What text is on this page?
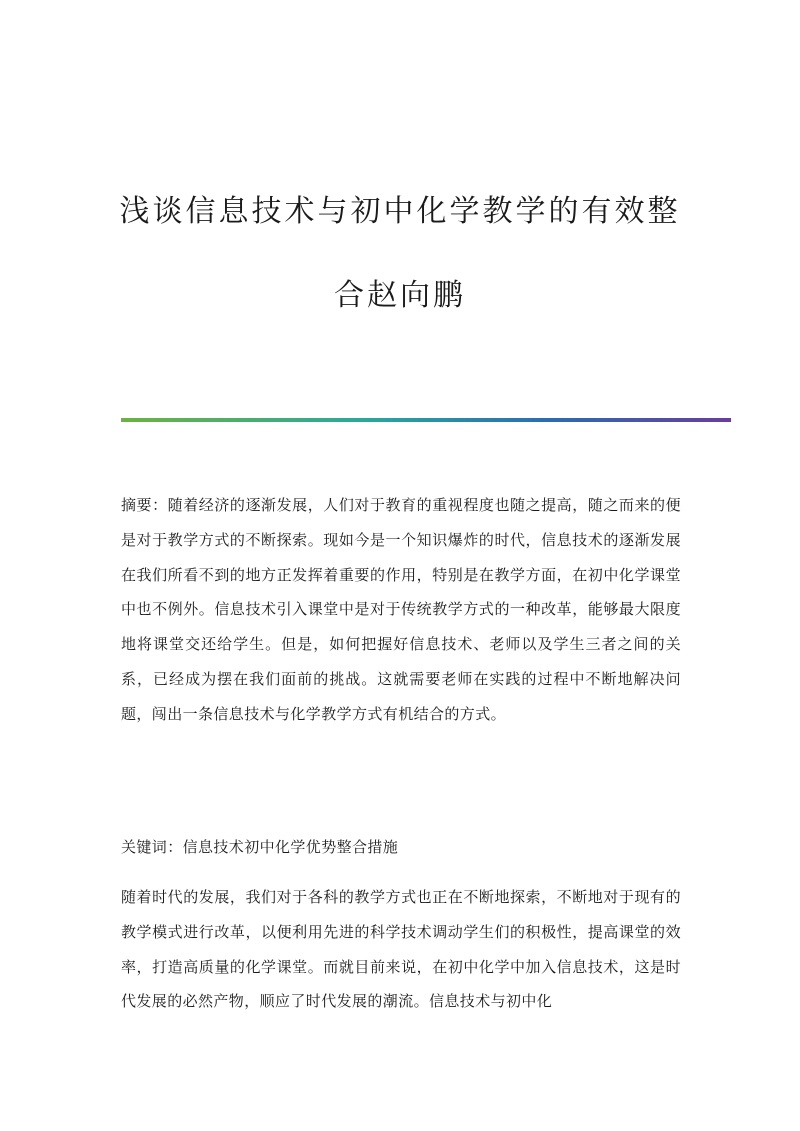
浅谈信息技术与初中化学教学的有效整
合赵向鹏

摘要：随着经济的逐渐发展，人们对于教育的重视程度也随之提高，随之而来的便是对于教学方式的不断探索。现如今是一个知识爆炸的时代，信息技术的逐渐发展在我们所看不到的地方正发挥着重要的作用，特别是在教学方面，在初中化学课堂中也不例外。信息技术引入课堂中是对于传统教学方式的一种改革，能够最大限度地将课堂交还给学生。但是，如何把握好信息技术、老师以及学生三者之间的关系，已经成为摆在我们面前的挑战。这就需要老师在实践的过程中不断地解决问题，闯出一条信息技术与化学教学方式有机结合的方式。

关键词：信息技术初中化学优势整合措施

随着时代的发展，我们对于各科的教学方式也正在不断地探索，不断地对于现有的教学模式进行改革，以便利用先进的科学技术调动学生们的积极性，提高课堂的效率，打造高质量的化学课堂。而就目前来说，在初中化学中加入信息技术，这是时代发展的必然产物，顺应了时代发展的潮流。信息技术与初中化
